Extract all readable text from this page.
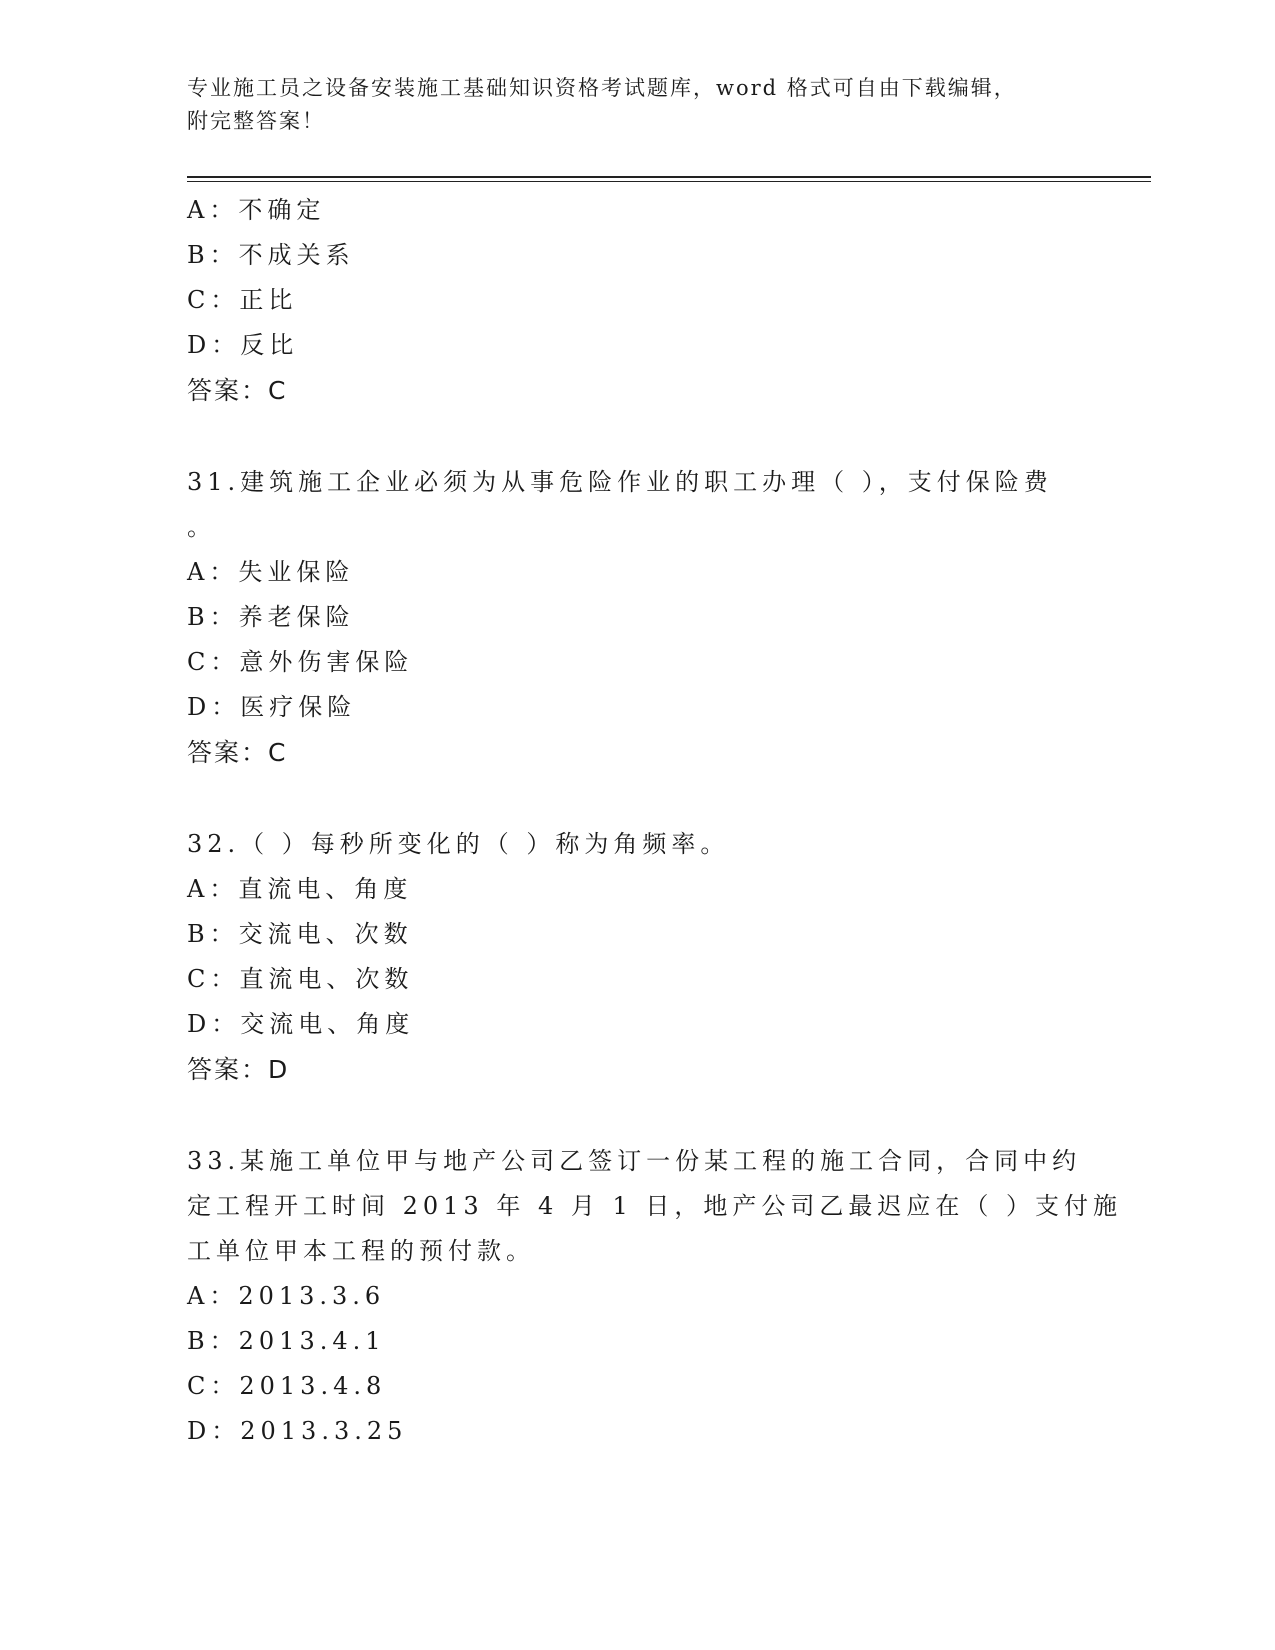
专业施工员之设备安装施工基础知识资格考试题库，word 格式可自由下载编辑，
附完整答案！
A：不确定
B：不成关系
C：正比
D：反比
答案：C
31.建筑施工企业必须为从事危险作业的职工办理（ ），支付保险费
。
A：失业保险
B：养老保险
C：意外伤害保险
D：医疗保险
答案：C
32.（ ）每秒所变化的（ ）称为角频率。
A：直流电、角度
B：交流电、次数
C：直流电、次数
D：交流电、角度
答案：D
33.某施工单位甲与地产公司乙签订一份某工程的施工合同，合同中约
定工程开工时间 2013 年 4 月 1 日，地产公司乙最迟应在（ ）支付施
工单位甲本工程的预付款。
A：2013.3.6
B：2013.4.1
C：2013.4.8
D：2013.3.25
